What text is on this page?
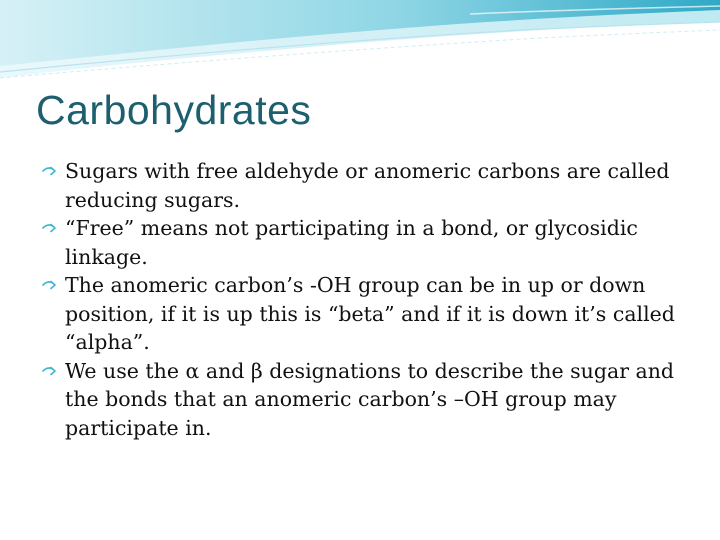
Carbohydrates
Sugars with free aldehyde or anomeric carbons are called reducing sugars.
“Free” means not participating in a bond, or glycosidic linkage.
The anomeric carbon’s -OH group can be in up or down position, if it is up this is “beta” and if it is down it’s called “alpha”.
We use the α and β designations to describe the sugar and the bonds that an anomeric carbon’s –OH group may participate in.
